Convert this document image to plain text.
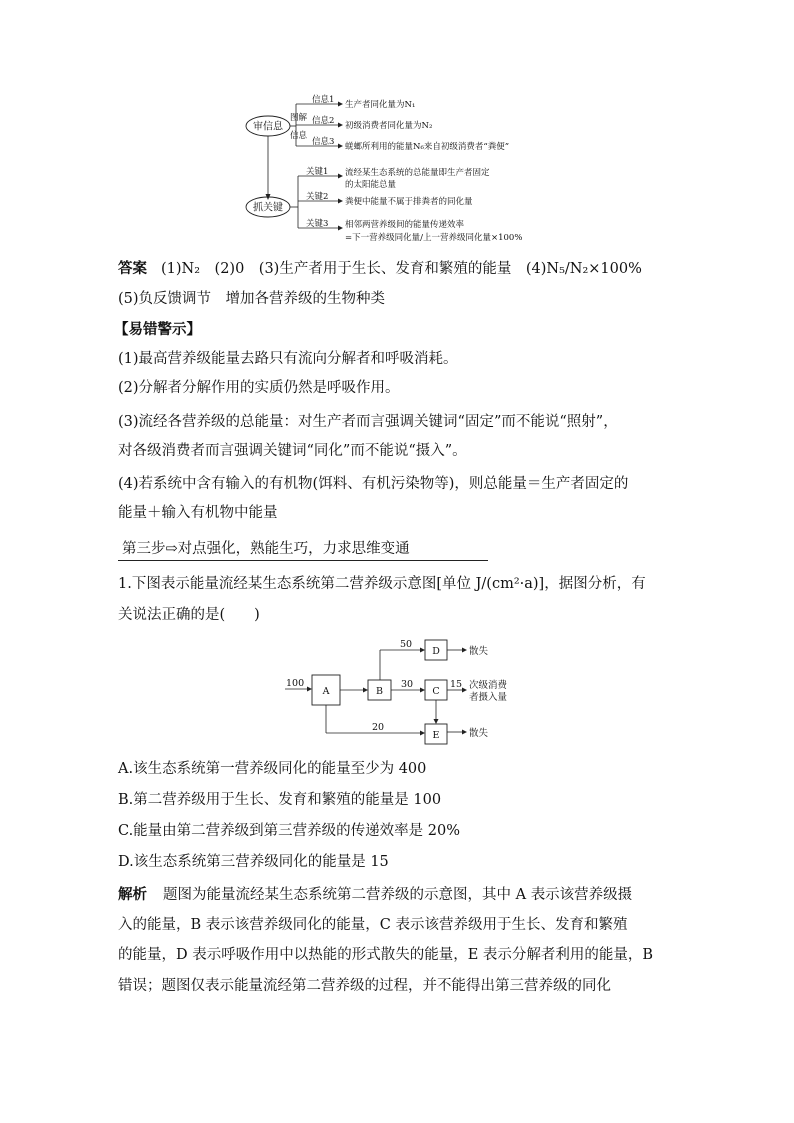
审信息
图解
信息
信息1
信息2
信息3
生产者同化量为N₁
初级消费者同化量为N₂
蜣螂所利用的能量N₆来自初级消费者“粪便”
抓关键
关键1
关键2
关键3
流经某生态系统的总能量即生产者固定
的太阳能总量
粪便中能量不属于排粪者的同化量
相邻两营养级间的能量传递效率
=下一营养级同化量/上一营养级同化量×100%
答案 (1)N₂　(2)0　(3)生产者用于生长、发育和繁殖的能量　(4)N₅/N₂×100%
(5)负反馈调节　增加各营养级的生物种类
【易错警示】
(1)最高营养级能量去路只有流向分解者和呼吸消耗。
(2)分解者分解作用的实质仍然是呼吸作用。
(3)流经各营养级的总能量：对生产者而言强调关键词“固定”而不能说“照射”，
对各级消费者而言强调关键词“同化”而不能说“摄入”。
(4)若系统中含有输入的有机物(饵料、有机污染物等)，则总能量＝生产者固定的
能量＋输入有机物中能量
第三步⇨对点强化，熟能生巧，力求思维变通
1.下图表示能量流经某生态系统第二营养级示意图[单位 J/(cm²·a)]，据图分析，有
关说法正确的是(　　)
100
A	B
50
D	散失
30
C
15 次级消费
者摄入量
20
E	散失
A.该生态系统第一营养级同化的能量至少为 400
B.第二营养级用于生长、发育和繁殖的能量是 100
C.能量由第二营养级到第三营养级的传递效率是 20%
D.该生态系统第三营养级同化的能量是 15
解析 题图为能量流经某生态系统第二营养级的示意图，其中 A 表示该营养级摄
入的能量，B 表示该营养级同化的能量，C 表示该营养级用于生长、发育和繁殖
的能量，D 表示呼吸作用中以热能的形式散失的能量，E 表示分解者利用的能量，B
错误；题图仅表示能量流经第二营养级的过程，并不能得出第三营养级的同化
